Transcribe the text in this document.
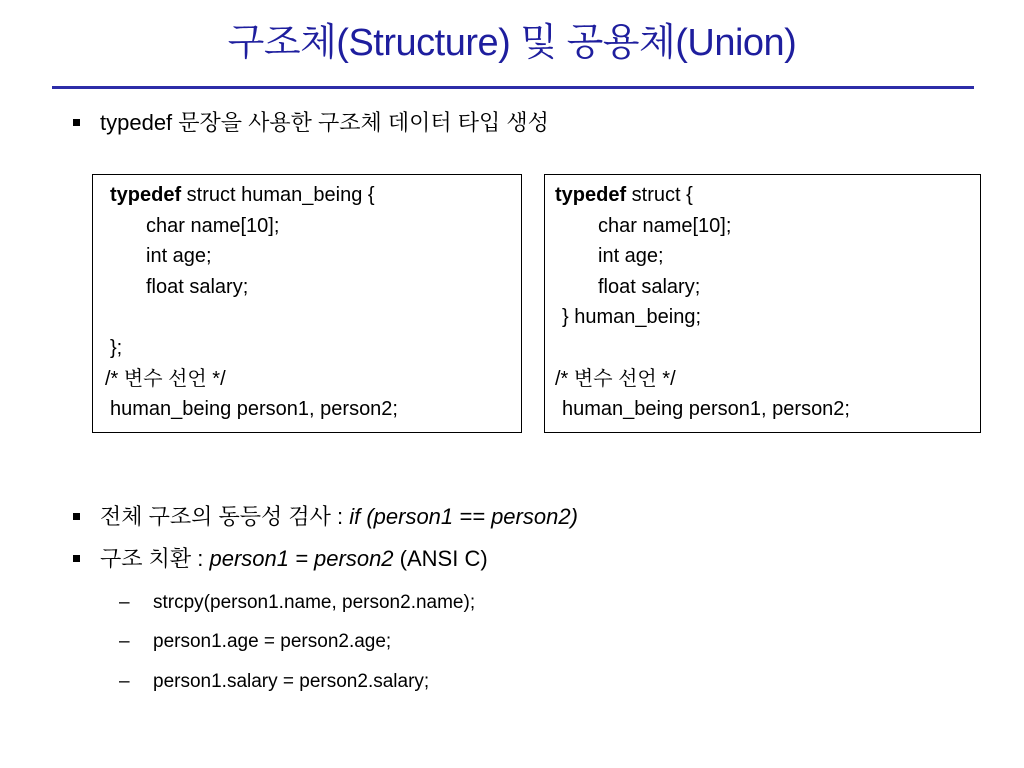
구조체(Structure) 및 공용체(Union)
typedef 문장을 사용한 구조체 데이터 타입 생성
typedef struct human_being {
char name[10];
int age;
float salary;
};
/* 변수 선언 */
human_being person1, person2;
typedef struct {
char name[10];
int age;
float salary;
} human_being;
/* 변수 선언 */
human_being person1, person2;
전체 구조의 동등성 검사 : if (person1 == person2)
구조 치환 : person1 = person2 (ANSI C)
– strcpy(person1.name, person2.name);
– person1.age = person2.age;
– person1.salary = person2.salary;
